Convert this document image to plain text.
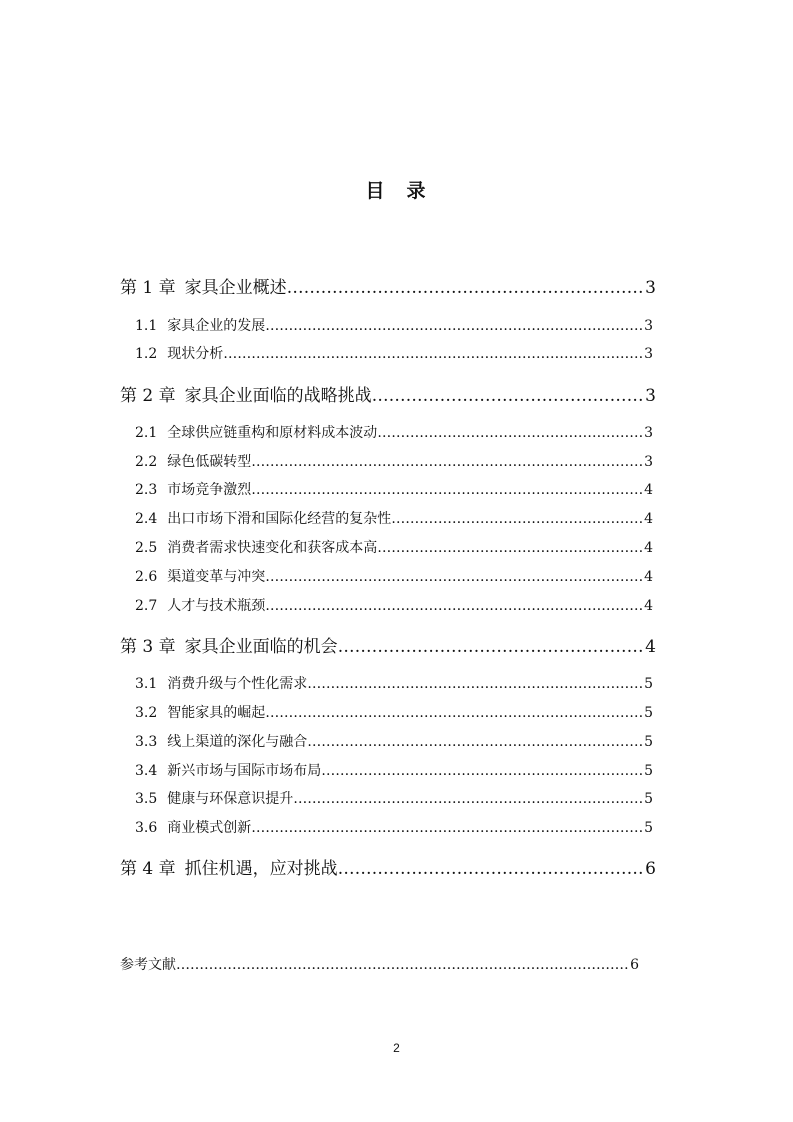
目 录
第 1 章 家具企业概述 ……………………………………………………………………………………………………………………………………………………………………………………………………	3
1.1 家具企业的发展 ……………………………………………………………………………………………………………………………………………………………………………………………………	3
1.2 现状分析 ……………………………………………………………………………………………………………………………………………………………………………………………………	3
第 2 章 家具企业面临的战略挑战 ……………………………………………………………………………………………………………………………………………………………………………………………………	3
2.1 全球供应链重构和原材料成本波动 ……………………………………………………………………………………………………………………………………………………………………………………………………	3
2.2 绿色低碳转型 ……………………………………………………………………………………………………………………………………………………………………………………………………	3
2.3 市场竞争激烈 ……………………………………………………………………………………………………………………………………………………………………………………………………	4
2.4 出口市场下滑和国际化经营的复杂性 ……………………………………………………………………………………………………………………………………………………………………………………………………	4
2.5 消费者需求快速变化和获客成本高 ……………………………………………………………………………………………………………………………………………………………………………………………………	4
2.6 渠道变革与冲突 ……………………………………………………………………………………………………………………………………………………………………………………………………	4
2.7 人才与技术瓶颈 ……………………………………………………………………………………………………………………………………………………………………………………………………	4
第 3 章 家具企业面临的机会 ……………………………………………………………………………………………………………………………………………………………………………………………………	4
3.1 消费升级与个性化需求 ……………………………………………………………………………………………………………………………………………………………………………………………………	5
3.2 智能家具的崛起 ……………………………………………………………………………………………………………………………………………………………………………………………………	5
3.3 线上渠道的深化与融合 ……………………………………………………………………………………………………………………………………………………………………………………………………	5
3.4 新兴市场与国际市场布局 ……………………………………………………………………………………………………………………………………………………………………………………………………	5
3.5 健康与环保意识提升 ……………………………………………………………………………………………………………………………………………………………………………………………………	5
3.6 商业模式创新 ……………………………………………………………………………………………………………………………………………………………………………………………………	5
第 4 章 抓住机遇，应对挑战 ……………………………………………………………………………………………………………………………………………………………………………………………………	6
参考文献 ……………………………………………………………………………………………………………………………………………………………………………………………………	6
2
